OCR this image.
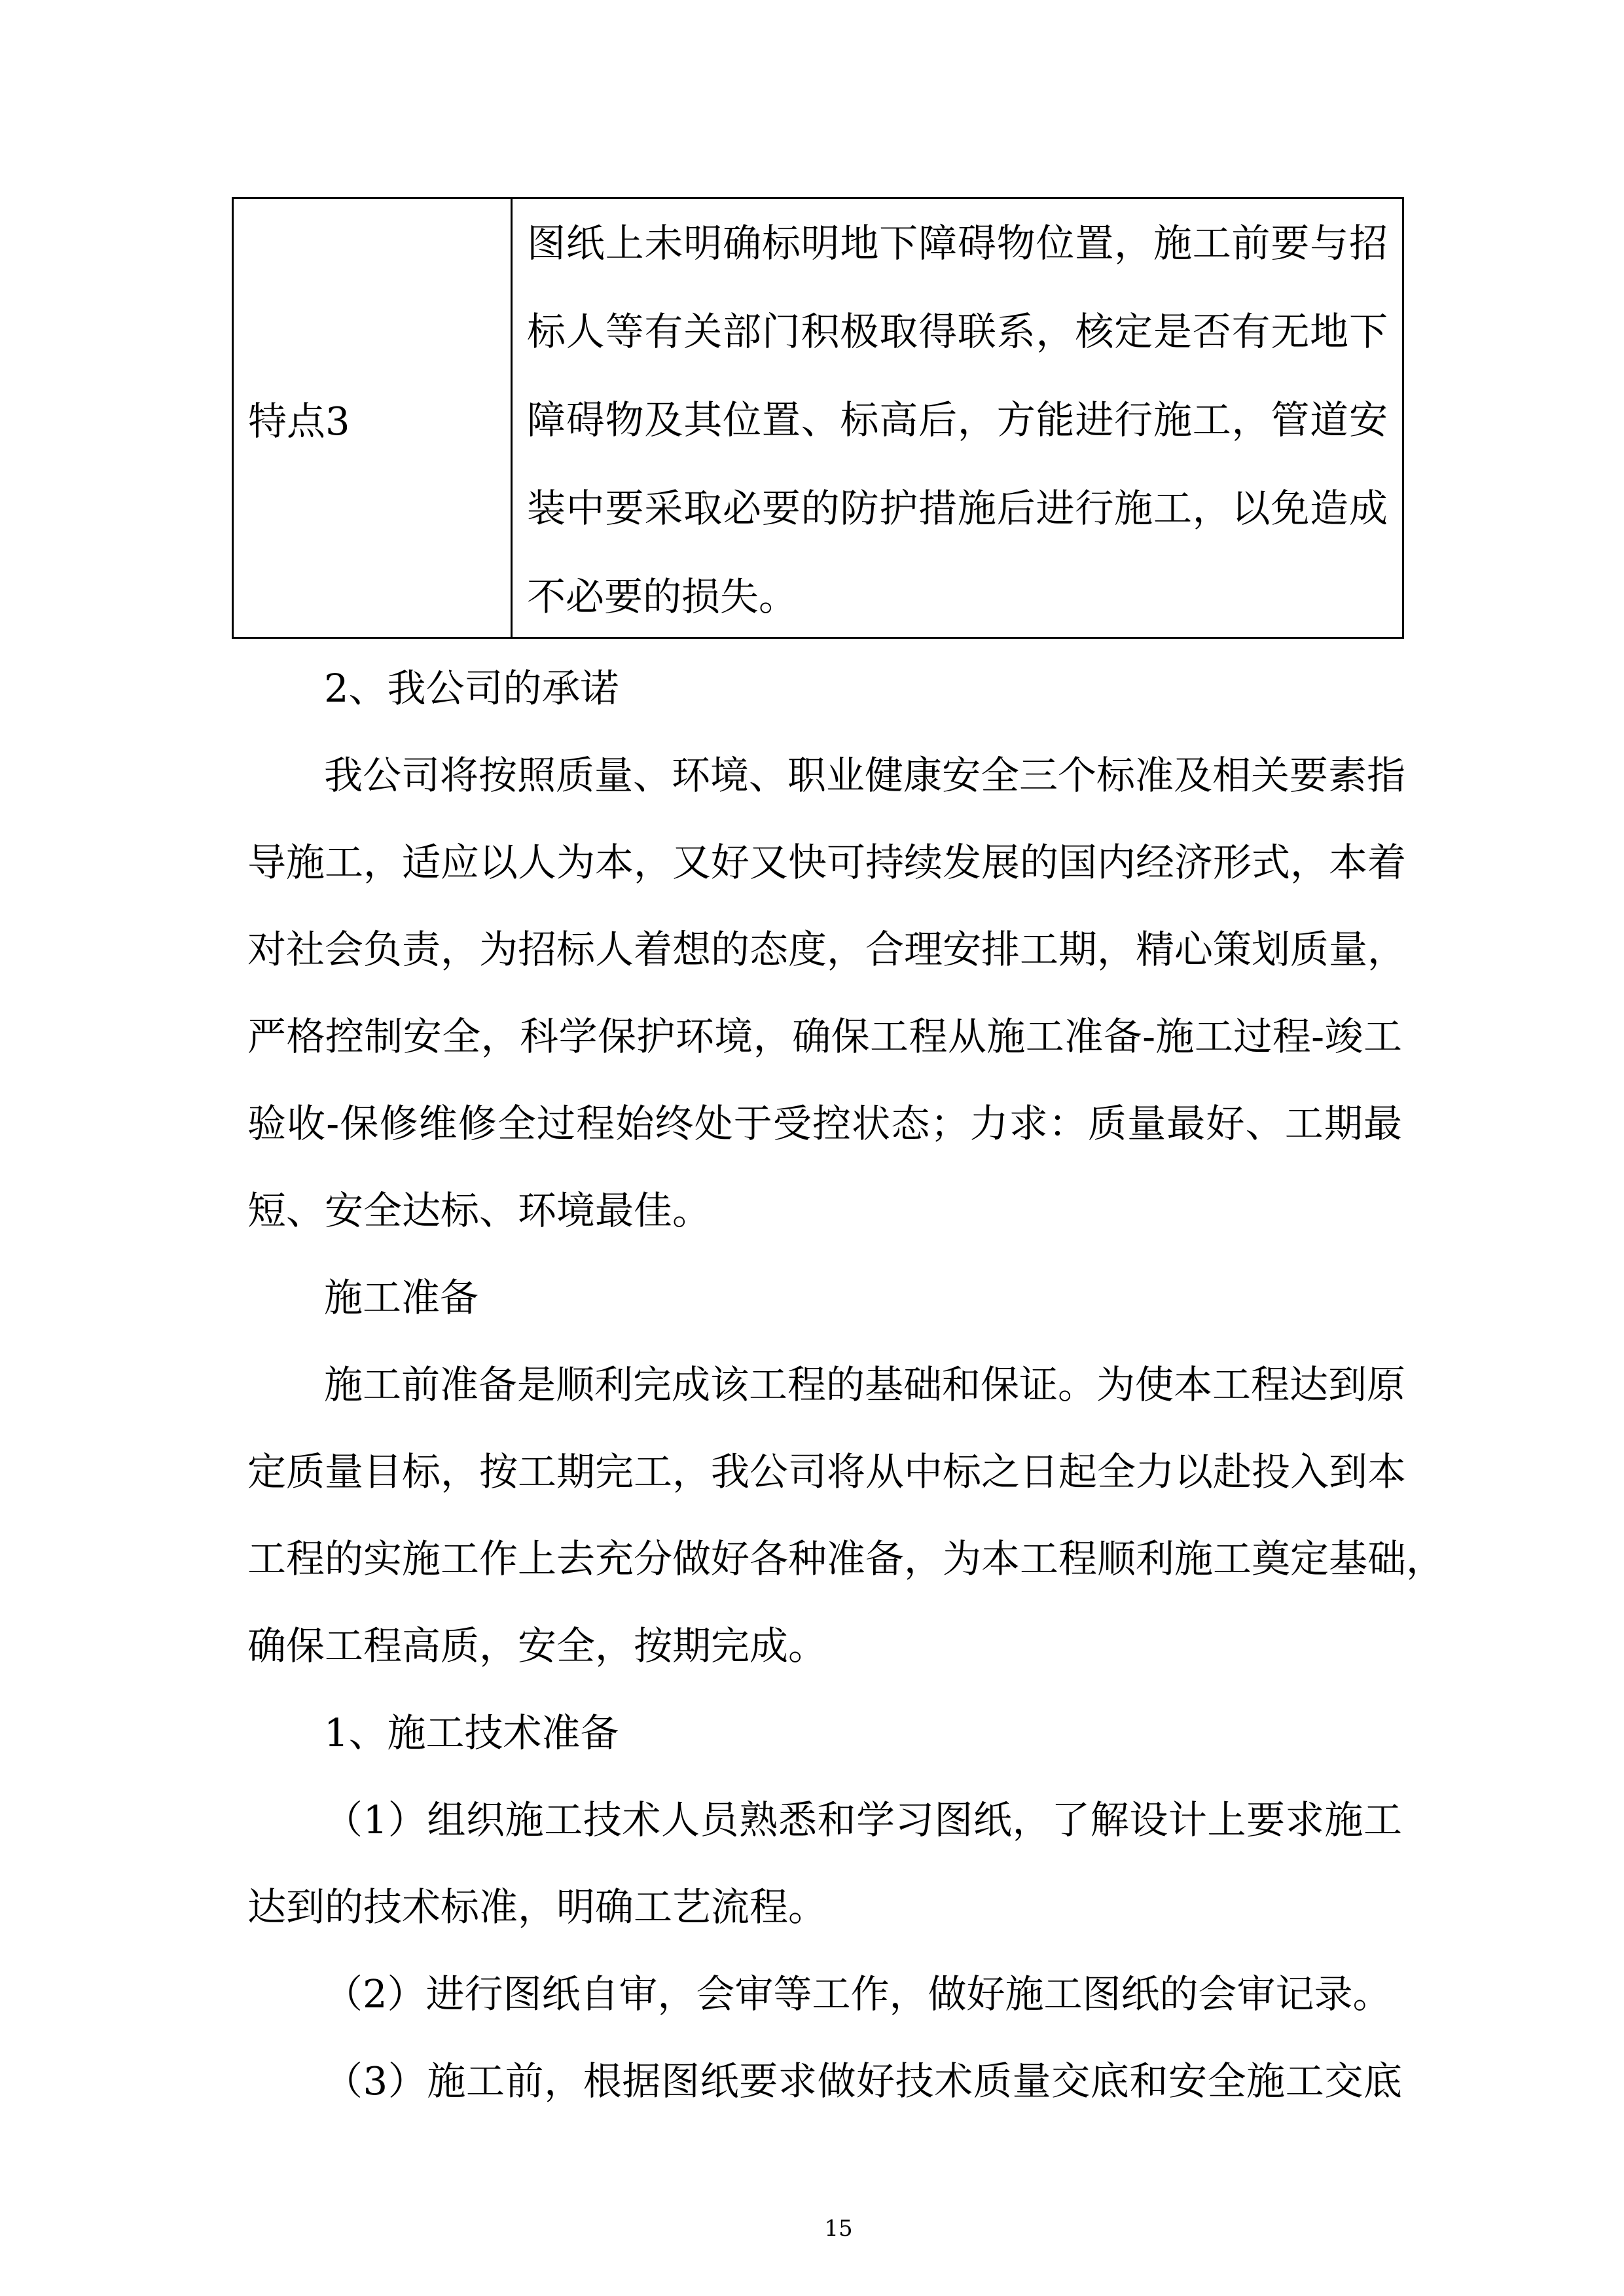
特点3
图纸上未明确标明地下障碍物位置，施工前要与招
标人等有关部门积极取得联系，核定是否有无地下
障碍物及其位置、标高后，方能进行施工，管道安
装中要采取必要的防护措施后进行施工，以免造成
不必要的损失。
2、我公司的承诺
我公司将按照质量、环境、职业健康安全三个标准及相关要素指
导施工，适应以人为本，又好又快可持续发展的国内经济形式，本着
对社会负责，为招标人着想的态度，合理安排工期，精心策划质量，
严格控制安全，科学保护环境，确保工程从施工准备-施工过程-竣工
验收-保修维修全过程始终处于受控状态；力求：质量最好、工期最
短、安全达标、环境最佳。
施工准备
施工前准备是顺利完成该工程的基础和保证。为使本工程达到原
定质量目标，按工期完工，我公司将从中标之日起全力以赴投入到本
工程的实施工作上去充分做好各种准备，为本工程顺利施工奠定基础，
确保工程高质，安全，按期完成。
1、施工技术准备
（1）组织施工技术人员熟悉和学习图纸，了解设计上要求施工
达到的技术标准，明确工艺流程。
（2）进行图纸自审，会审等工作，做好施工图纸的会审记录。
（3）施工前，根据图纸要求做好技术质量交底和安全施工交底
15
